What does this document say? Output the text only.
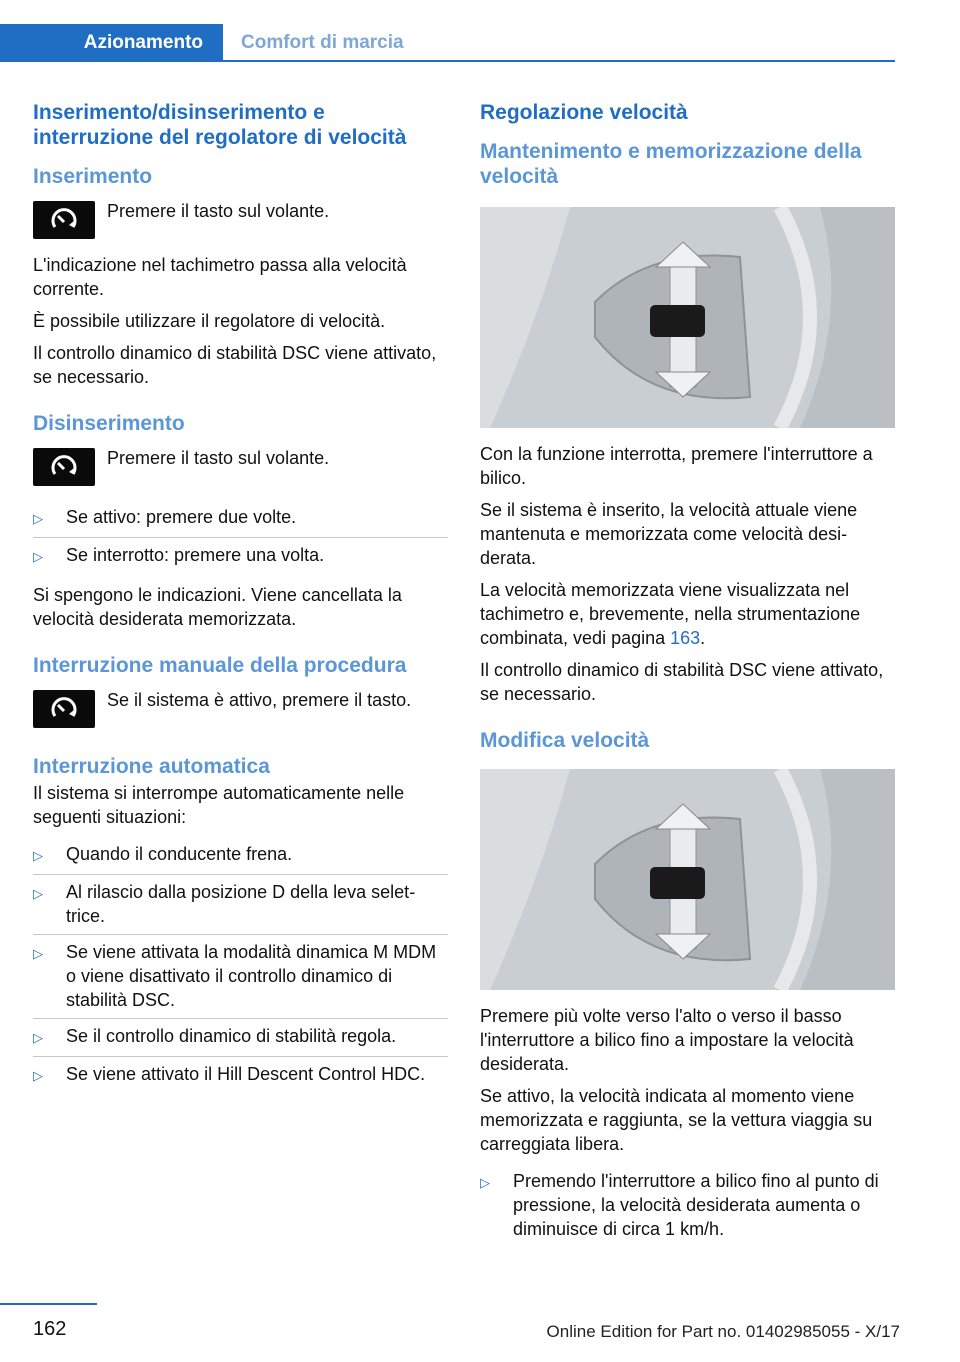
Azionamento	Comfort di marcia
Inserimento/disinserimento e interruzione del regolatore di velocità
Inserimento
Premere il tasto sul volante.

L'indicazione nel tachimetro passa alla velocità corrente.

È possibile utilizzare il regolatore di velocità.

Il controllo dinamico di stabilità DSC viene attivato, se necessario.

Disinserimento
Premere il tasto sul volante.
▷	Se attivo: premere due volte.
▷	Se interrotto: premere una volta.

Si spengono le indicazioni. Viene cancellata la velocità desiderata memorizzata.

Interruzione manuale della procedura
Se il sistema è attivo, premere il tasto.
Interruzione automatica

Il sistema si interrompe automaticamente nelle seguenti situazioni:

▷	Quando il conducente frena.
▷	Al rilascio dalla posizione D della leva selettrice.
▷	Se viene attivata la modalità dinamica M MDM o viene disattivato il controllo dinamico di stabilità DSC.
▷	Se il controllo dinamico di stabilità regola.
▷	Se viene attivato il Hill Descent Control HDC.
Regolazione velocità
Mantenimento e memorizzazione della velocità

Con la funzione interrotta, premere l'interruttore a bilico.

Se il sistema è inserito, la velocità attuale viene mantenuta e memorizzata come velocità desiderata.

La velocità memorizzata viene visualizzata nel tachimetro e, brevemente, nella strumentazione combinata, vedi pagina 163.

Il controllo dinamico di stabilità DSC viene attivato, se necessario.

Modifica velocità

Premere più volte verso l'alto o verso il basso l'interruttore a bilico fino a impostare la velocità desiderata.

Se attivo, la velocità indicata al momento viene memorizzata e raggiunta, se la vettura viaggia su carreggiata libera.

▷	Premendo l'interruttore a bilico fino al punto di pressione, la velocità desiderata aumenta o diminuisce di circa 1 km/h.
162	Online Edition for Part no. 01402985055 - X/17
